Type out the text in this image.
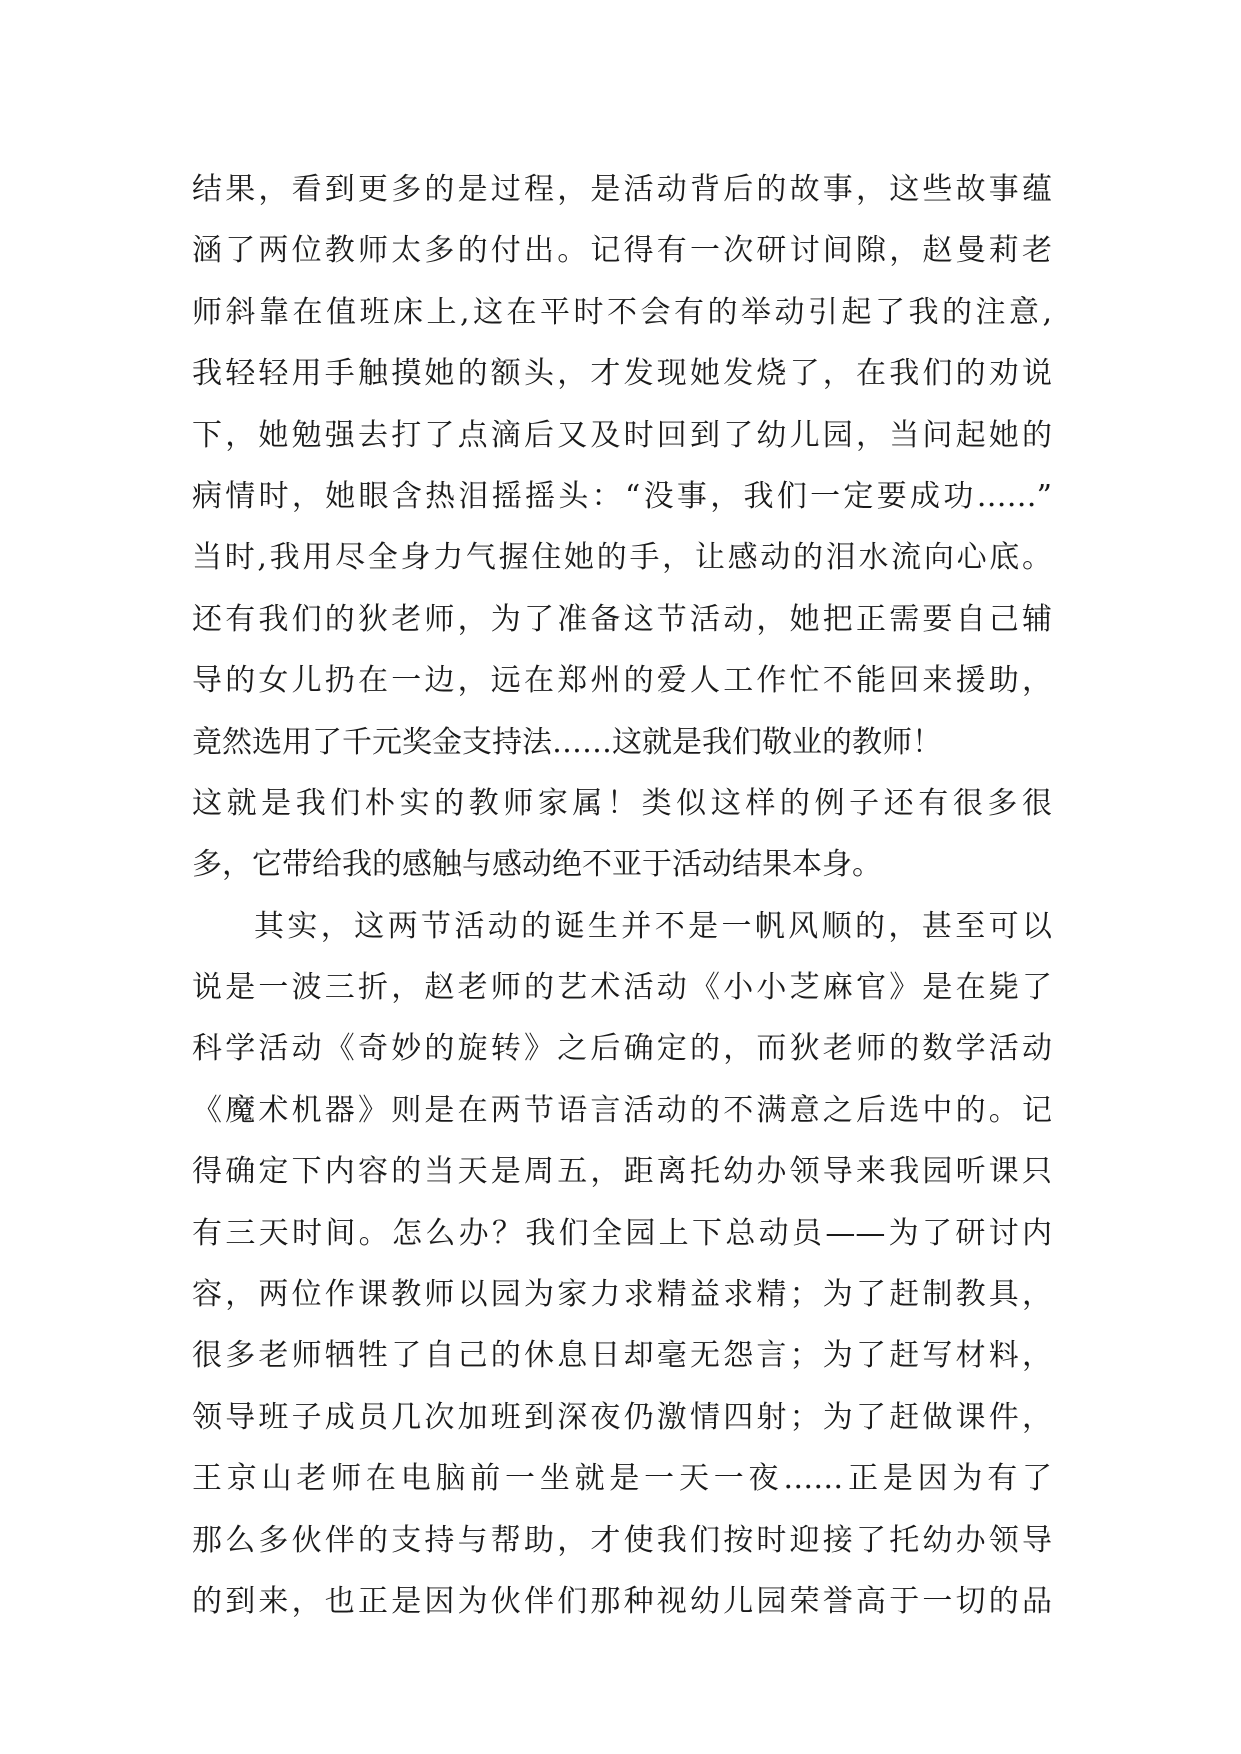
结果，看到更多的是过程，是活动背后的故事，这些故事蕴
涵了两位教师太多的付出。记得有一次研讨间隙，赵曼莉老
师斜靠在值班床上,这在平时不会有的举动引起了我的注意,
我轻轻用手触摸她的额头，才发现她发烧了，在我们的劝说
下，她勉强去打了点滴后又及时回到了幼儿园，当问起她的
病情时，她眼含热泪摇摇头：“没事，我们一定要成功……”
当时,我用尽全身力气握住她的手，让感动的泪水流向心底。
还有我们的狄老师，为了准备这节活动，她把正需要自己辅
导的女儿扔在一边，远在郑州的爱人工作忙不能回来援助，
竟然选用了千元奖金支持法……这就是我们敬业的教师！
这就是我们朴实的教师家属！类似这样的例子还有很多很
多，它带给我的感触与感动绝不亚于活动结果本身。
其实，这两节活动的诞生并不是一帆风顺的，甚至可以
说是一波三折，赵老师的艺术活动《小小芝麻官》是在毙了
科学活动《奇妙的旋转》之后确定的，而狄老师的数学活动
《魔术机器》则是在两节语言活动的不满意之后选中的。记
得确定下内容的当天是周五，距离托幼办领导来我园听课只
有三天时间。怎么办？我们全园上下总动员——为了研讨内
容，两位作课教师以园为家力求精益求精；为了赶制教具，
很多老师牺牲了自己的休息日却毫无怨言；为了赶写材料，
领导班子成员几次加班到深夜仍激情四射；为了赶做课件，
王京山老师在电脑前一坐就是一天一夜……正是因为有了
那么多伙伴的支持与帮助，才使我们按时迎接了托幼办领导
的到来，也正是因为伙伴们那种视幼儿园荣誉高于一切的品
